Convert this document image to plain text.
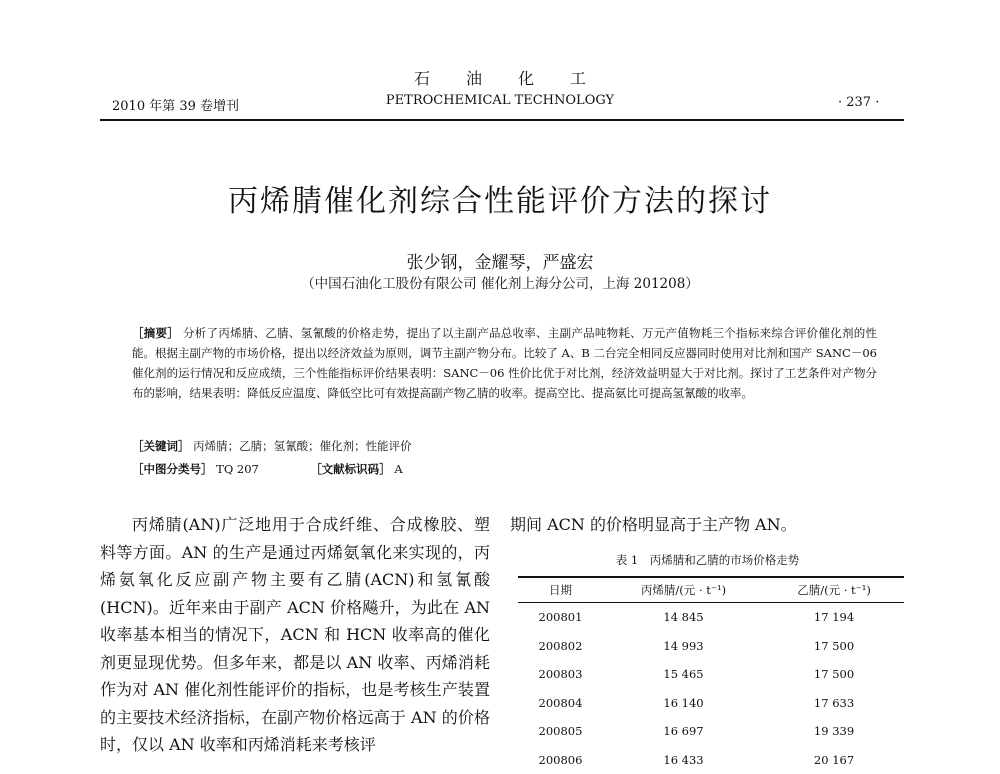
石油化工
PETROCHEMICAL TECHNOLOGY
2010 年第 39 卷增刊	· 237 ·
丙烯腈催化剂综合性能评价方法的探讨
张少钢，金耀琴，严盛宏
（中国石油化工股份有限公司 催化剂上海分公司，上海 201208）
［摘要］ 分析了丙烯腈、乙腈、氢氰酸的价格走势，提出了以主副产品总收率、主副产品吨物耗、万元产值物耗三个指标来综合评价催化剂的性能。根据主副产物的市场价格，提出以经济效益为原则，调节主副产物分布。比较了 A、B 二台完全相同反应器同时使用对比剂和国产 SANC－06 催化剂的运行情况和反应成绩，三个性能指标评价结果表明：SANC－06 性价比优于对比剂，经济效益明显大于对比剂。探讨了工艺条件对产物分布的影响，结果表明：降低反应温度、降低空比可有效提高副产物乙腈的收率。提高空比、提高氨比可提高氢氰酸的收率。
［关键词］ 丙烯腈；乙腈；氢氰酸；催化剂；性能评价
［中图分类号］ TQ 207	［文献标识码］ A

丙烯腈(AN)广泛地用于合成纤维、合成橡胶、塑料等方面。AN 的生产是通过丙烯氨氧化来实现的，丙烯氨氧化反应副产物主要有乙腈(ACN)和氢氰酸(HCN)。近年来由于副产 ACN 价格飚升，为此在 AN 收率基本相当的情况下，ACN 和 HCN 收率高的催化剂更显现优势。但多年来，都是以 AN 收率、丙烯消耗作为对 AN 催化剂性能评价的指标，也是考核生产装置的主要技术经济指标，在副产物价格远高于 AN 的价格时，仅以 AN 收率和丙烯消耗来考核评

期间 ACN 的价格明显高于主产物 AN。
表 1　丙烯腈和乙腈的市场价格走势
日期	丙烯腈/(元 · t⁻¹)	乙腈/(元 · t⁻¹)
200801	14 845	17 194
200802	14 993	17 500
200803	15 465	17 500
200804	16 140	17 633
200805	16 697	19 339
200806	16 433	20 167
